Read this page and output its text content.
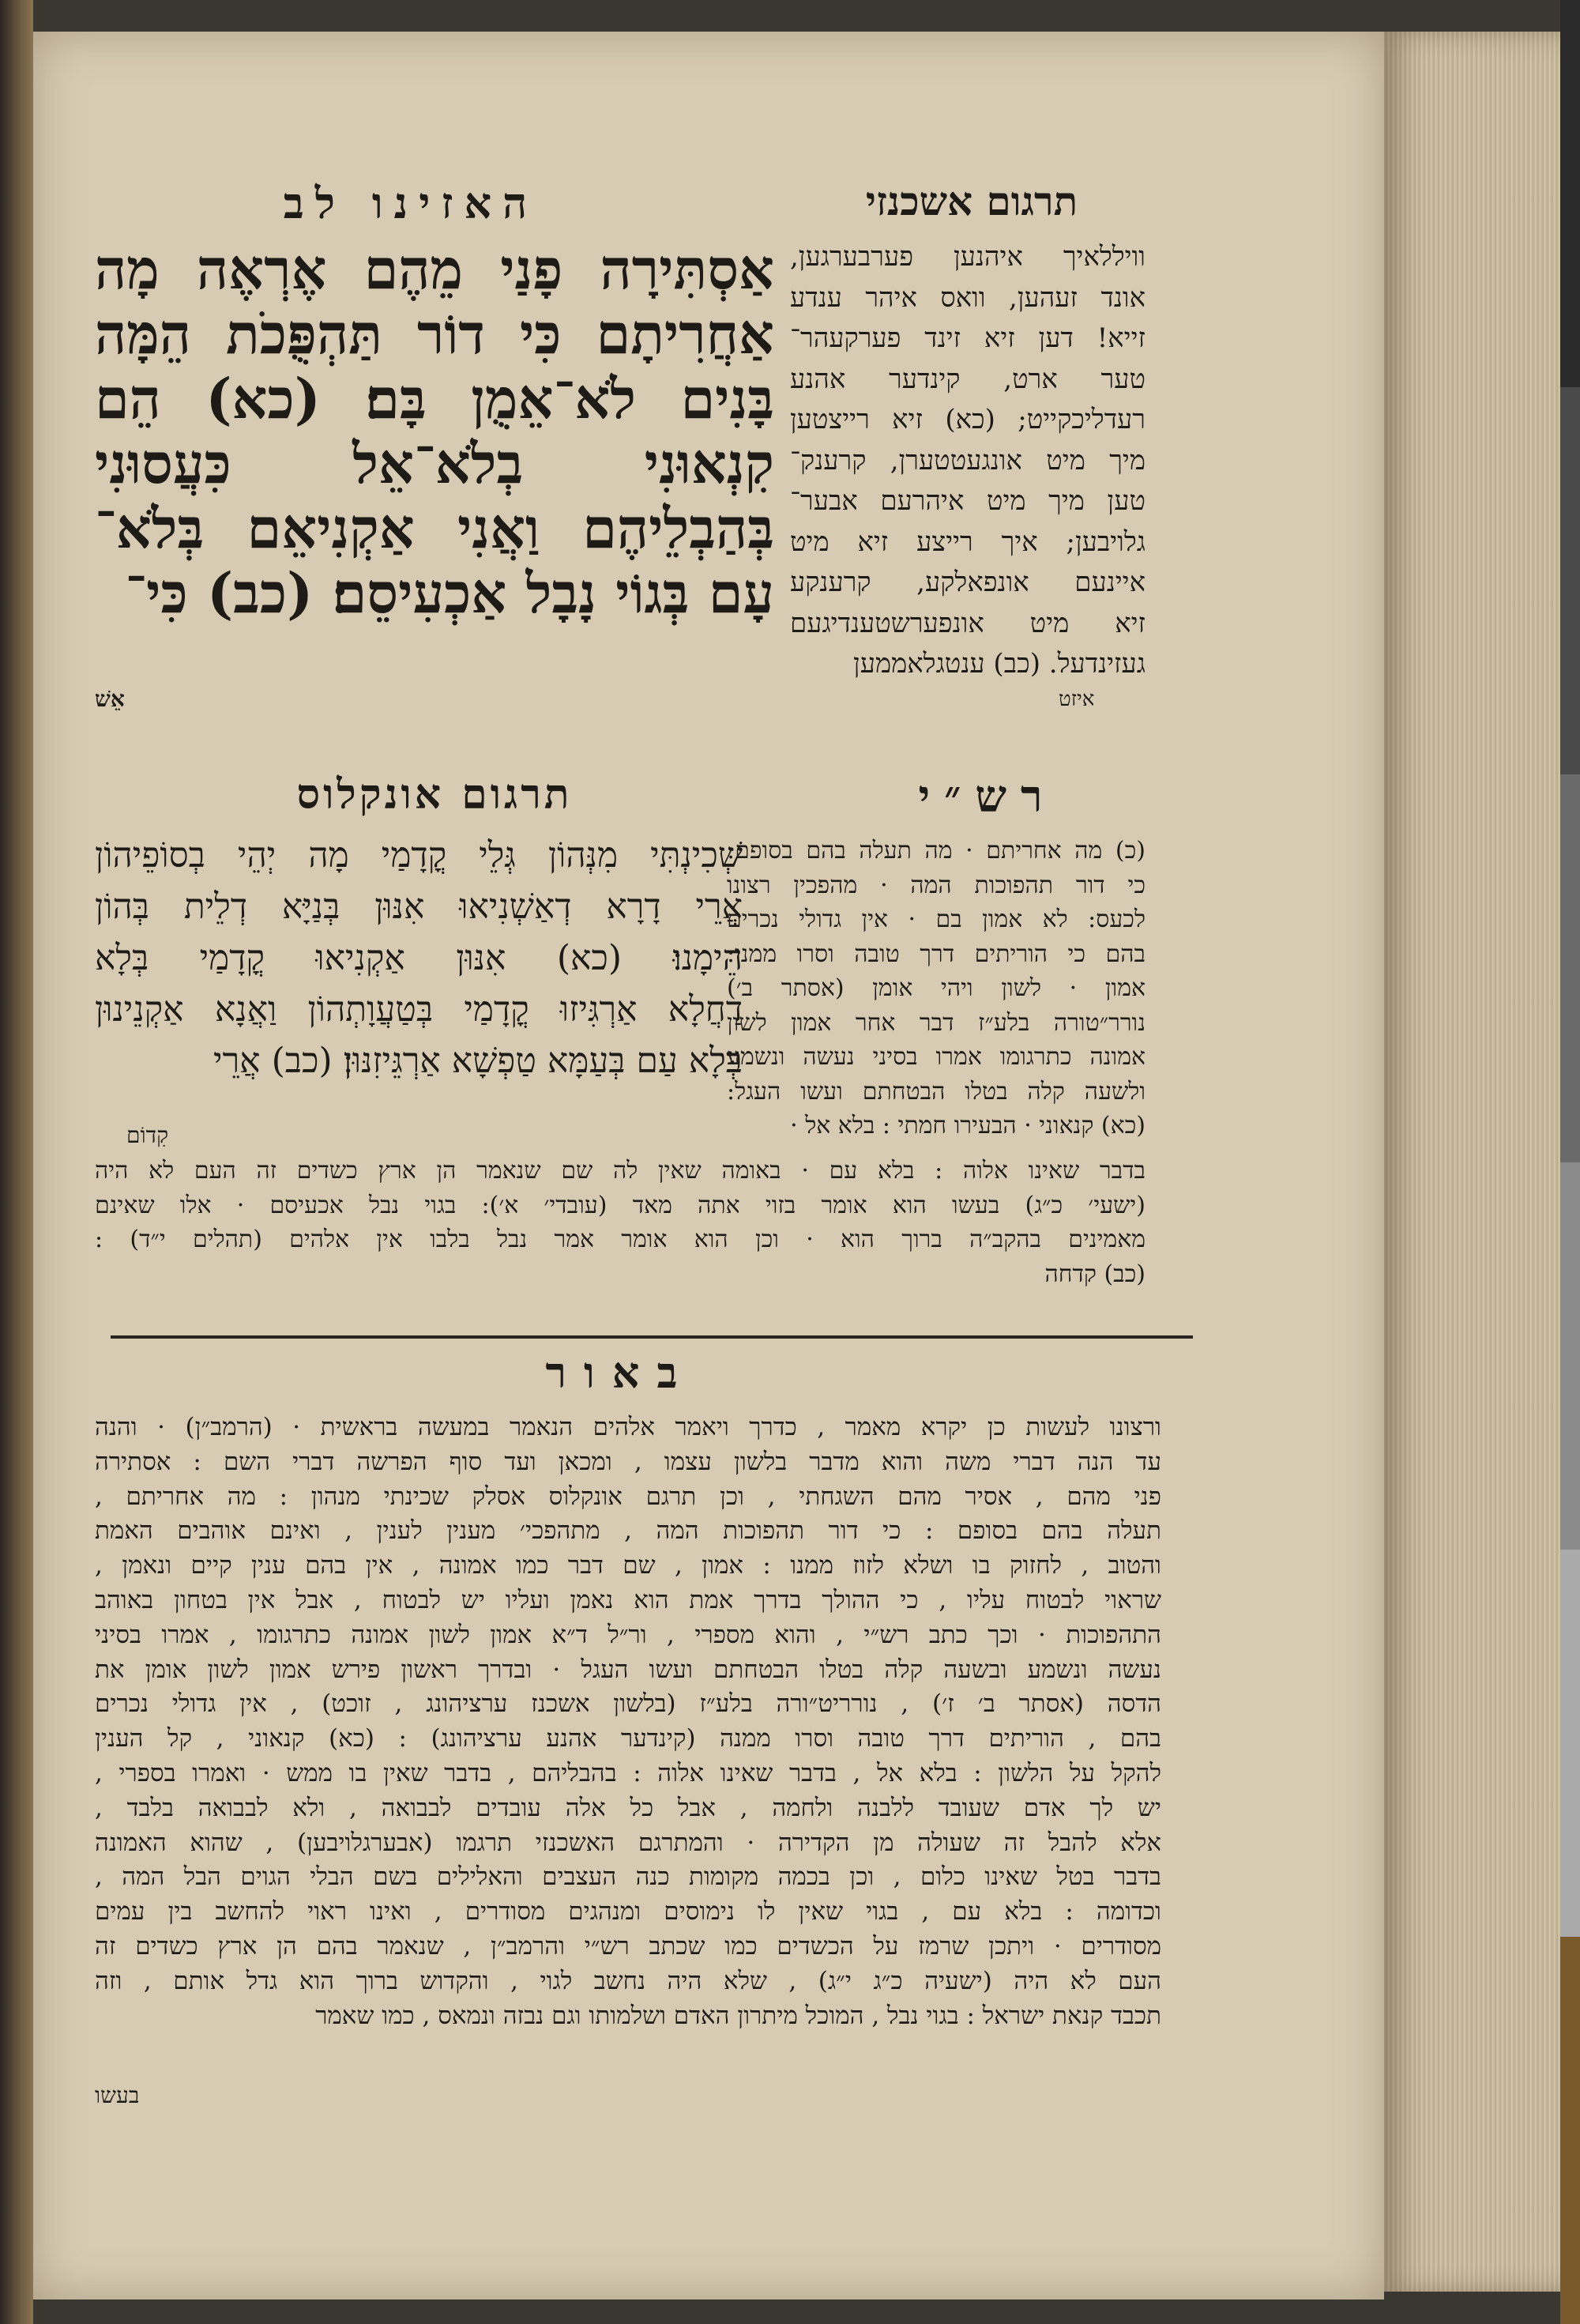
האזינו לב	תרגום אשכנזי
אַסְתִּירָה פָנַי מֵהֶם אֶרְאֶה מָה
אַחֲרִיתָם כִּי דוֹר תַּהְפֻּכֹת הֵמָּה
בָּנִים לֹא־אֵמֻן בָּם׃ (כא) הֵם
קִנְאוּנִי בְלֹא־אֵל כִּעֲסוּנִי
בְּהַבְלֵיהֶם וַאֲנִי אַקְנִיאֵם בְּלֹא־
עָם בְּגוֹי נָבָל אַכְעִיסֵם׃ (כב) כִּי־
אֵשׁ
וויללאיך איהנען פערבערגען,
אונד זעהען, וואס איהר ענדע
זייא! דען זיא זינד פערקעהר־
טער ארט, קינדער אהנע
רעדליכקייט; (כא) זיא רייצטען
מיך מיט אונגעטטערן, קרענק־
טען מיך מיט איהרעם אבער־
גלויבען; איך רייצע זיא מיט
איינעם אונפאלקע, קרענקע
זיא מיט אונפערשטענדיגעם
געזינדעל. (כב) ענטגלאממען
איזט
תרגום אונקלוס	רש״י
שְׁכִינְתִּי מִנְּהוֹן גְּלֵי קֳדָמַי מָה יְהֵי בְסוֹפֵיהוֹן
אֲרֵי דָרָא דְאַשְׁנִיאוּ אִנּוּן בְּנַיָּא דְלֵית בְּהוֹן
הֵימָנוּ׃ (כא) אִנּוּן אַקְנִיאוּ קֳדָמַי בְּלָא
דַחֲלָא אַרְגִּיזוּ קֳדָמַי בְּטַעֲוָתְהוֹן וַאֲנָא אַקְנֵינוּן
בְּלָא עַם בְּעַמָּא טַפְשָׁא אַרְגֵּיזִנּוּן׃ (כב) אֲרֵי
קִדוֹם
(כ) מה אחריתם · מה תעלה בהם בסופם:
כי דור תהפוכות המה · מהפכין רצונו
לכעס: לא אמון בם · אין גדולי נכרים
בהם כי הוריתים דרך טובה וסרו ממנו:
אמון · לשון ויהי אומן (אסתר ב׳)
נורר״טורה בלע״ז דבר אחר אמון לשון
אמונה כתרגומו אמרו בסיני נעשה ונשמע
ולשעה קלה בטלו הבטחתם ועשו העגל:
(כא) קנאוני · הבעירו חמתי : בלא אל ·
בדבר שאינו אלוה : בלא עם · באומה שאין לה שם שנאמר הן ארץ כשדים זה העם לא היה
(ישעי׳ כ״ג) בעשו הוא אומר בזוי אתה מאד (עובדי׳ א׳): בגוי נבל אכעיסם · אלו שאינם
מאמינים בהקב״ה ברוך הוא · וכן הוא אומר אמר נבל בלבו אין אלהים (תהלים י״ד) :
(כב) קדחה
באור
ורצונו לעשות כן יקרא מאמר , כדרך ויאמר אלהים הנאמר במעשה בראשית · (הרמב״ן) · והנה
עד הנה דברי משה והוא מדבר בלשון עצמו , ומכאן ועד סוף הפרשה דברי השם : אסתירה
פני מהם , אסיר מהם השגחתי , וכן תרגם אונקלוס אסלק שכינתי מנהון : מה אחריתם ,
תעלה בהם בסופם : כי דור תהפוכות המה , מתהפכי׳ מענין לענין , ואינם אוהבים האמת
והטוב , לחזוק בו ושלא לזוז ממנו : אמון , שם דבר כמו אמונה , אין בהם ענין קיים ונאמן ,
שראוי לבטוח עליו , כי ההולך בדרך אמת הוא נאמן ועליו יש לבטוח , אבל אין בטחון באוהב
התהפוכות · וכך כתב רש״י , והוא מספרי , ור״ל ד״א אמון לשון אמונה כתרגומו , אמרו בסיני
נעשה ונשמע ובשעה קלה בטלו הבטחתם ועשו העגל · ובדרך ראשון פירש אמון לשון אומן את
הדסה (אסתר ב׳ ז׳) , נורריט״ורה בלע״ז (בלשון אשכנז ערציהונג , זוכט) , אין גדולי נכרים
בהם , הוריתים דרך טובה וסרו ממנה (קינדער אהנע ערציהונג) : (כא) קנאוני , קל הענין
להקל על הלשון : בלא אל , בדבר שאינו אלוה : בהבליהם , בדבר שאין בו ממש · ואמרו בספרי ,
יש לך אדם שעובד ללבנה ולחמה , אבל כל אלה עובדים לבבואה , ולא לבבואה בלבד ,
אלא להבל זה שעולה מן הקדירה · והמתרגם האשכנזי תרגמו (אבערגלויבען) , שהוא האמונה
בדבר בטל שאינו כלום , וכן בכמה מקומות כנה העצבים והאלילים בשם הבלי הגוים הבל המה ,
וכדומה : בלא עם , בגוי שאין לו נימוסים ומנהגים מסודרים , ואינו ראוי להחשב בין עמים
מסודרים · ויתכן שרמז על הכשדים כמו שכתב רש״י והרמב״ן , שנאמר בהם הן ארץ כשדים זה
העם לא היה (ישעיה כ״ג י״ג) , שלא היה נחשב לגוי , והקדוש ברוך הוא גדל אותם , וזה
תכבד קנאת ישראל : בגוי נבל , המוכל מיתרון האדם ושלמותו וגם נבזה ונמאס , כמו שאמר
בעשו
